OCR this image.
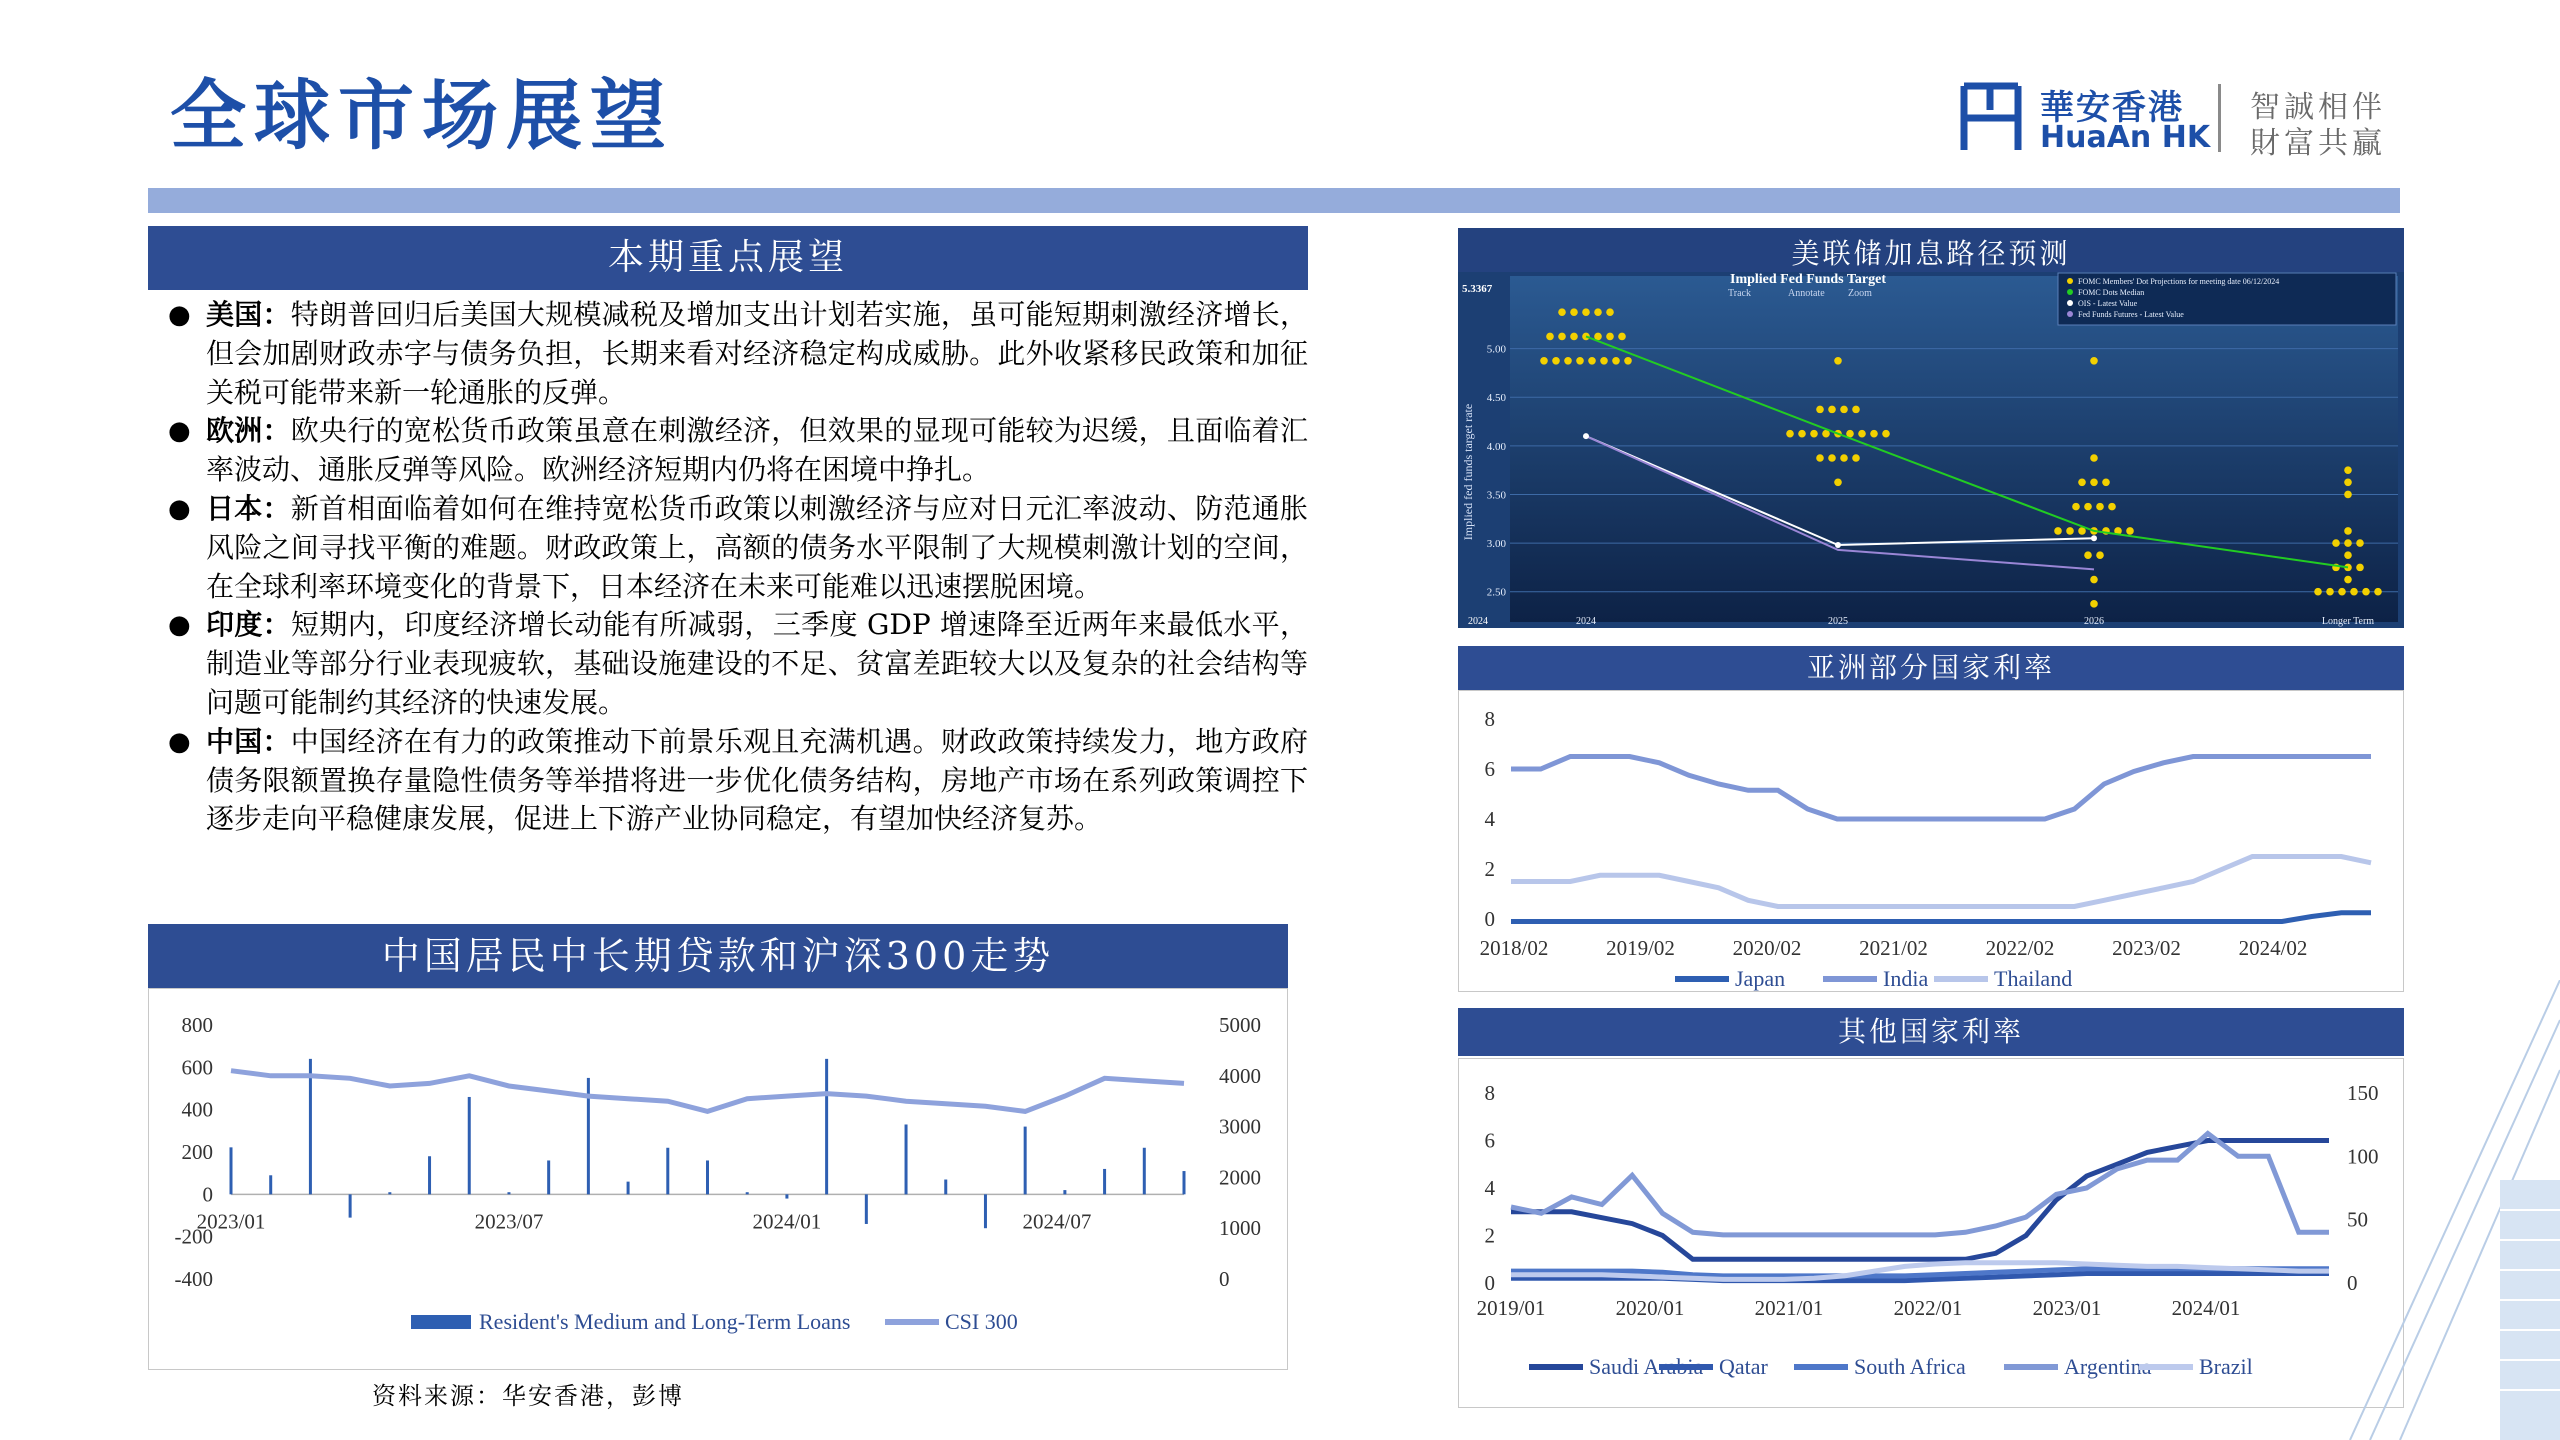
全球市场展望	華安香港
HuaAn HK
智誠相伴
財富共贏
本期重点展望
● 美国：特朗普回归后美国大规模减税及增加支出计划若实施，虽可能短期刺激经济增长，但会加剧财政赤字与债务负担，长期来看对经济稳定构成威胁。此外收紧移民政策和加征关税可能带来新一轮通胀的反弹。
● 欧洲：欧央行的宽松货币政策虽意在刺激经济，但效果的显现可能较为迟缓，且面临着汇率波动、通胀反弹等风险。欧洲经济短期内仍将在困境中挣扎。
● 日本：新首相面临着如何在维持宽松货币政策以刺激经济与应对日元汇率波动、防范通胀风险之间寻找平衡的难题。财政政策上，高额的债务水平限制了大规模刺激计划的空间，在全球利率环境变化的背景下，日本经济在未来可能难以迅速摆脱困境。
● 印度：短期内，印度经济增长动能有所减弱，三季度 GDP 增速降至近两年来最低水平，制造业等部分行业表现疲软，基础设施建设的不足、贫富差距较大以及复杂的社会结构等问题可能制约其经济的快速发展。
● 中国：中国经济在有力的政策推动下前景乐观且充满机遇。财政政策持续发力，地方政府债务限额置换存量隐性债务等举措将进一步优化债务结构，房地产市场在系列政策调控下逐步走向平稳健康发展，促进上下游产业协同稳定，有望加快经济复苏。
中国居民中长期贷款和沪深300走势
800
600
400
200
0
-200
-400
5000
4000
3000
2000
1000
0
2023/01	2023/07	2024/01	2024/07
Resident's Medium and Long-Term Loans	CSI 300
美联储加息路径预测
5.00
4.50
4.00
3.50
3.00
2.50
5.3367
2024
Implied fed funds target rate
2024	2025	2026	Longer Term
Implied Fed Funds Target
Track	Annotate Zoom
FOMC Members' Dot Projections for meeting date 06/12/2024
FOMC Dots Median
OIS - Latest Value
Fed Funds Futures - Latest Value
亚洲部分国家利率
8
6
4
2
0
2018/02	2019/02	2020/02	2021/02	2022/02	2023/02	2024/02
Japan	India	Thailand
其他国家利率
8
6
4
2
0
150
100
50
0
2019/01	2020/01	2021/01	2022/01	2023/01	2024/01
Saudi Arabia Qatar	South Africa	Argentina Brazil
资料来源：华安香港，彭博
